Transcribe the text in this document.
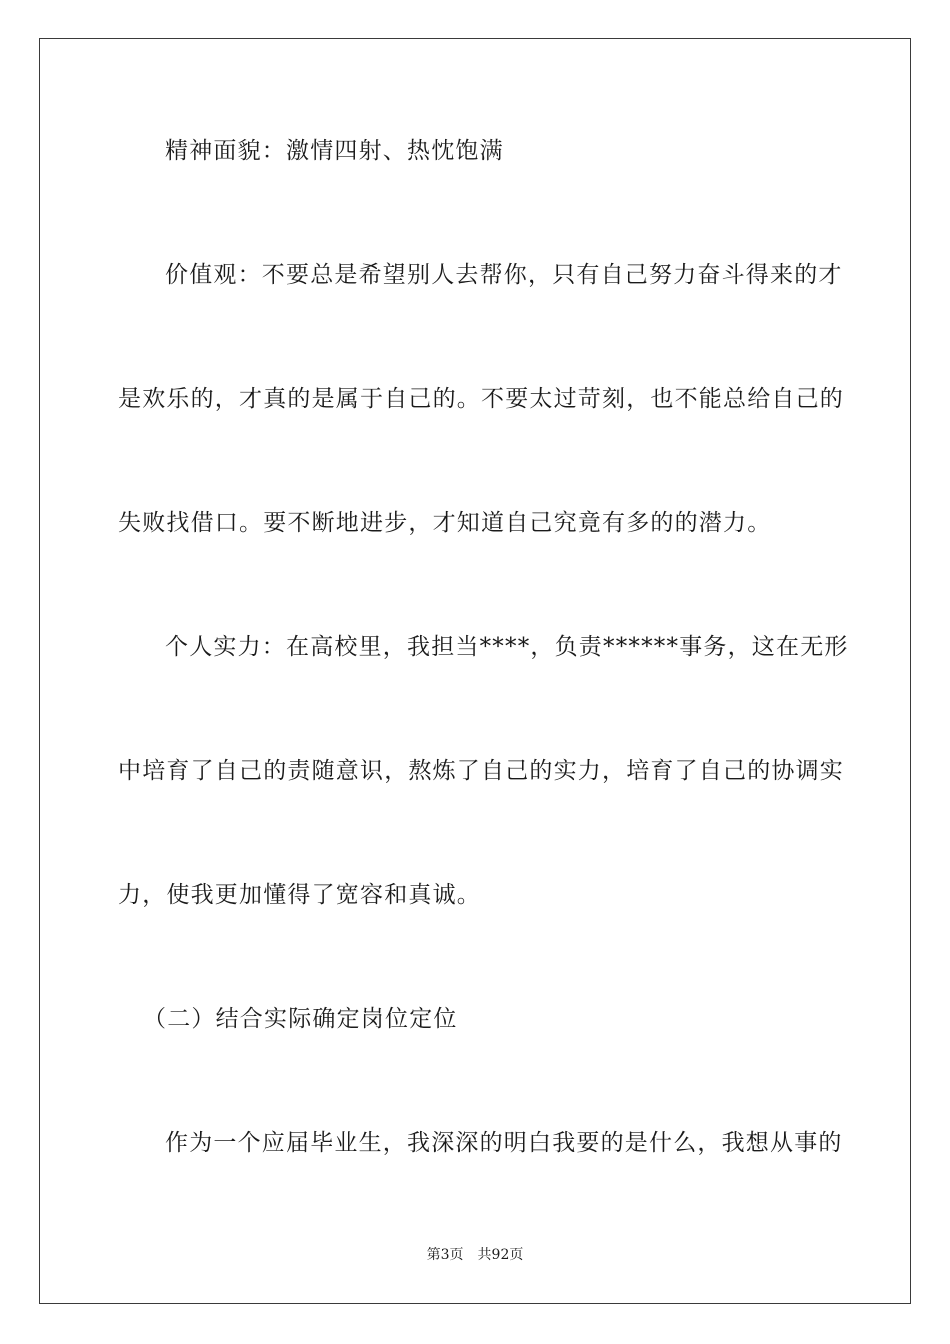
精神面貌：激情四射、热忱饱满
价值观：不要总是希望别人去帮你，只有自己努力奋斗得来的才
是欢乐的，才真的是属于自己的。不要太过苛刻，也不能总给自己的
失败找借口。要不断地进步，才知道自己究竟有多的的潜力。
个人实力：在高校里，我担当****，负责******事务，这在无形
中培育了自己的责随意识，熬炼了自己的实力，培育了自己的协调实
力，使我更加懂得了宽容和真诚。
（二）结合实际确定岗位定位
作为一个应届毕业生，我深深的明白我要的是什么，我想从事的
第3页 共92页
